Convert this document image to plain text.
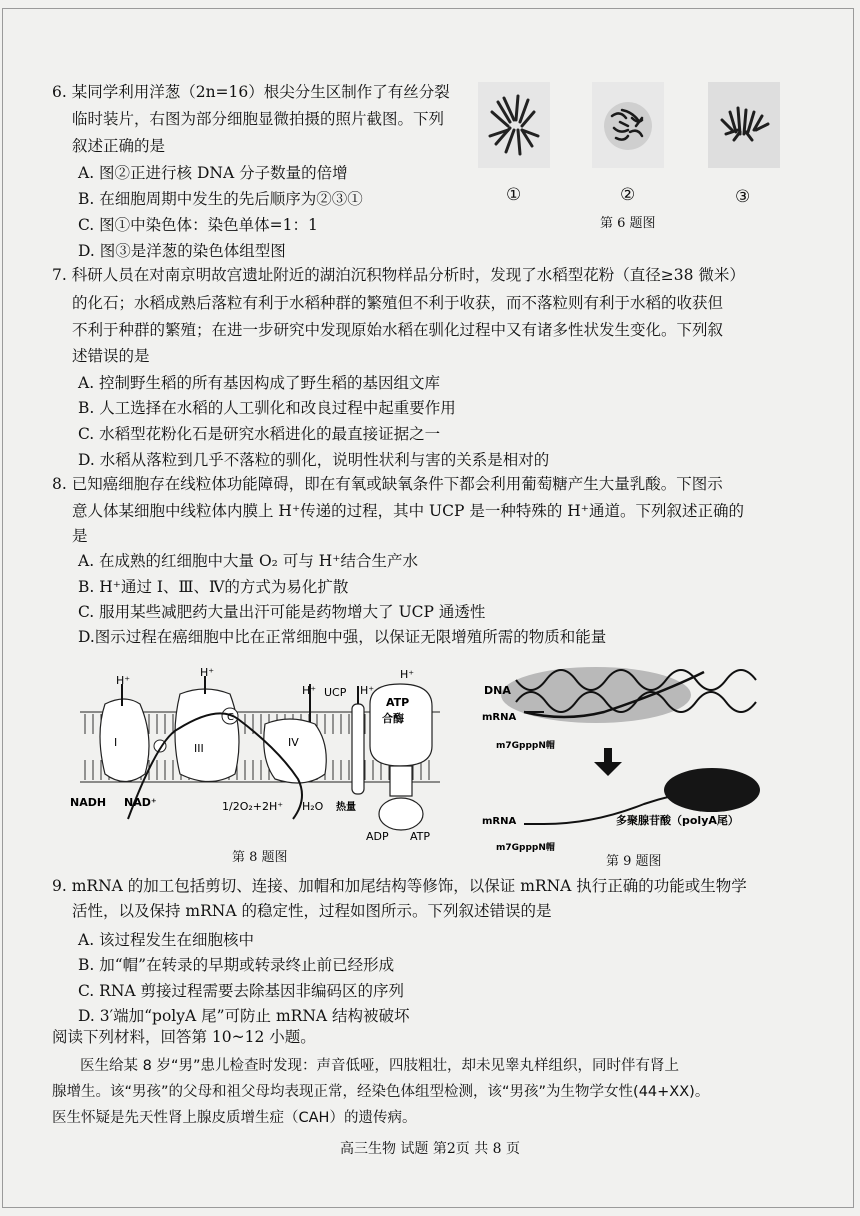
6. 某同学利用洋葱（2n=16）根尖分生区制作了有丝分裂
临时装片，右图为部分细胞显微拍摄的照片截图。下列
叙述正确的是
A. 图②正进行核 DNA 分子数量的倍增
B. 在细胞周期中发生的先后顺序为②③①
C. 图①中染色体：染色单体=1：1
D. 图③是洋葱的染色体组型图
①	②	③
第 6 题图
7. 科研人员在对南京明故宫遗址附近的湖泊沉积物样品分析时，发现了水稻型花粉（直径≥38 微米）
的化石；水稻成熟后落粒有利于水稻种群的繁殖但不利于收获，而不落粒则有利于水稻的收获但
不利于种群的繁殖；在进一步研究中发现原始水稻在驯化过程中又有诸多性状发生变化。下列叙
述错误的是
A. 控制野生稻的所有基因构成了野生稻的基因组文库
B. 人工选择在水稻的人工驯化和改良过程中起重要作用
C. 水稻型花粉化石是研究水稻进化的最直接证据之一
D. 水稻从落粒到几乎不落粒的驯化，说明性状利与害的关系是相对的
8. 已知癌细胞存在线粒体功能障碍，即在有氧或缺氧条件下都会利用葡萄糖产生大量乳酸。下图示
意人体某细胞中线粒体内膜上 H⁺传递的过程，其中 UCP 是一种特殊的 H⁺通道。下列叙述正确的
是
A. 在成熟的红细胞中大量 O₂ 可与 H⁺结合生产水
B. H⁺通过 Ⅰ、Ⅲ、Ⅳ的方式为易化扩散
C. 服用某些减肥药大量出汗可能是药物增大了 UCP 通透性
D.图示过程在癌细胞中比在正常细胞中强，以保证无限增殖所需的物质和能量
H⁺
H⁺
H⁺	H⁺
H⁺
I	III
C
IV
UCP
ATP 合酶
NADH NAD⁺	1/2O₂+2H⁺ H₂O 热量
ADP ATP
第 8 题图
DNA
mRNA
m7GpppN帽
mRNA
m7GpppN帽
多聚腺苷酸（polyA尾）
第 9 题图
9. mRNA 的加工包括剪切、连接、加帽和加尾结构等修饰，以保证 mRNA 执行正确的功能或生物学
活性，以及保持 mRNA 的稳定性，过程如图所示。下列叙述错误的是
A. 该过程发生在细胞核中
B. 加“帽”在转录的早期或转录终止前已经形成
C. RNA 剪接过程需要去除基因非编码区的序列
D. 3′端加“polyA 尾”可防止 mRNA 结构被破坏
阅读下列材料，回答第 10~12 小题。
医生给某 8 岁“男”患儿检查时发现：声音低哑，四肢粗壮，却未见睾丸样组织，同时伴有肾上
腺增生。该“男孩”的父母和祖父母均表现正常，经染色体组型检测，该“男孩”为生物学女性(44+XX)。
医生怀疑是先天性肾上腺皮质增生症（CAH）的遗传病。
高三生物 试题 第2页 共 8 页
